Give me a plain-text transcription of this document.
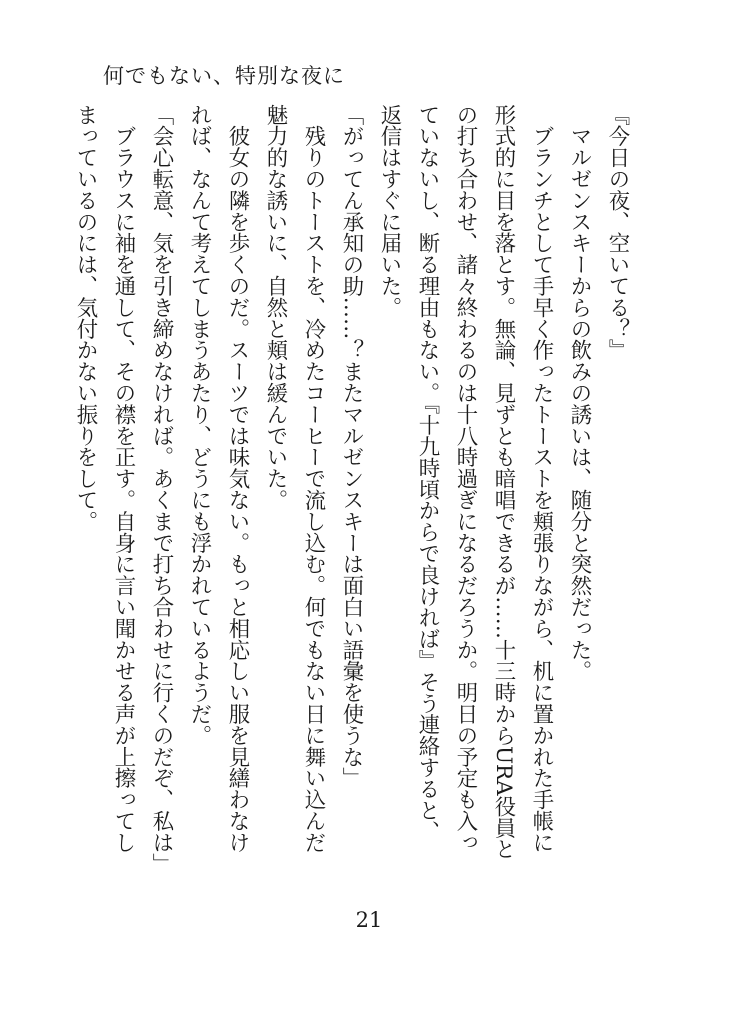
何でもない、特別な夜に
『今日の夜、空いてる？』
　マルゼンスキーからの飲みの誘いは、随分と突然だった。
　ブランチとして手早く作ったトーストを頬張りながら、机に置かれた手帳に
形式的に目を落とす。無論、見ずとも暗唱できるが……十三時からURA役員と
の打ち合わせ、諸々終わるのは十八時過ぎになるだろうか。明日の予定も入っ
ていないし、断る理由もない。『十九時頃からで良ければ』そう連絡すると、
返信はすぐに届いた。
「がってん承知の助……？またマルゼンスキーは面白い語彙を使うな」
　残りのトーストを、冷めたコーヒーで流し込む。何でもない日に舞い込んだ
魅力的な誘いに、自然と頬は緩んでいた。
　彼女の隣を歩くのだ。スーツでは味気ない。もっと相応しい服を見繕わなけ
れば、なんて考えてしまうあたり、どうにも浮かれているようだ。
「会心転意、気を引き締めなければ。あくまで打ち合わせに行くのだぞ、私は」
　ブラウスに袖を通して、その襟を正す。自身に言い聞かせる声が上擦ってし
まっているのには、気付かない振りをして。
21
